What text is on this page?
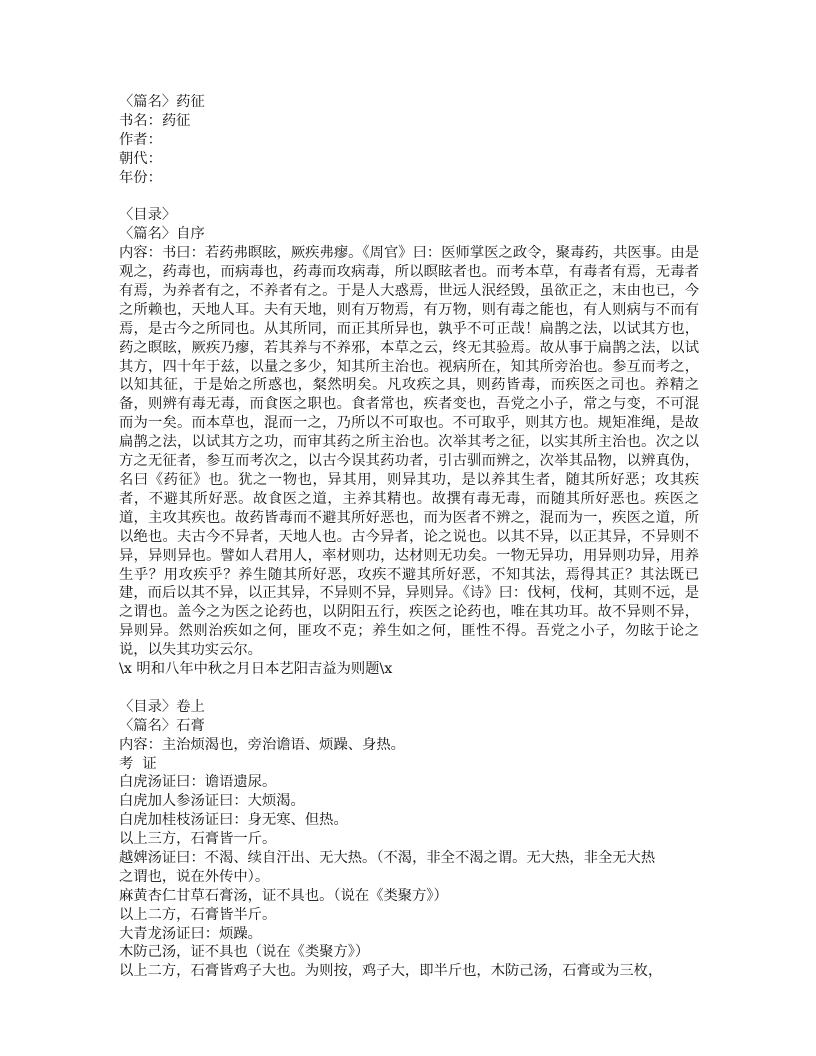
〈篇名〉药征
书名：药征
作者：
朝代：
年份：
〈目录〉
〈篇名〉自序
内容：书曰：若药弗瞑眩，厥疾弗瘳。《周官》曰：医师掌医之政令，聚毒药，共医事。由是观之，药毒也，而病毒也，药毒而攻病毒，所以瞑眩者也。而考本草，有毒者有焉，无毒者有焉，为养者有之，不养者有之。于是人大惑焉，世远人泯经毁，虽欲正之，末由也已，今之所赖也，天地人耳。夫有天地，则有万物焉，有万物，则有毒之能也，有人则病与不而有焉，是古今之所同也。从其所同，而正其所异也，孰乎不可正哉！扁鹊之法，以试其方也，药之瞑眩，厥疾乃瘳，若其养与不养邪，本草之云，终无其验焉。故从事于扁鹊之法，以试其方，四十年于兹，以量之多少，知其所主治也。视病所在，知其所旁治也。参互而考之，以知其征，于是始之所惑也，粲然明矣。凡攻疾之具，则药皆毒，而疾医之司也。养精之备，则辨有毒无毒，而食医之职也。食者常也，疾者变也，吾党之小子，常之与变，不可混而为一矣。而本草也，混而一之，乃所以不可取也。不可取乎，则其方也。规矩准绳，是故扁鹊之法，以试其方之功，而审其药之所主治也。次举其考之征，以实其所主治也。次之以方之无征者，参互而考次之，以古今误其药功者，引古驯而辨之，次举其品物，以辨真伪，名曰《药征》也。犹之一物也，异其用，则异其功，是以养其生者，随其所好恶；攻其疾者，不避其所好恶。故食医之道，主养其精也。故撰有毒无毒，而随其所好恶也。疾医之道，主攻其疾也。故药皆毒而不避其所好恶也，而为医者不辨之，混而为一，疾医之道，所以绝也。夫古今不异者，天地人也。古今异者，论之说也。以其不异，以正其异，不异则不异，异则异也。譬如人君用人，率材则功，达材则无功矣。一物无异功，用异则功异，用养生乎？用攻疾乎？养生随其所好恶，攻疾不避其所好恶，不知其法，焉得其正？其法既已建，而后以其不异，以正其异，不异则不异，异则异。《诗》曰：伐柯，伐柯，其则不远，是之谓也。盖今之为医之论药也，以阴阳五行，疾医之论药也，唯在其功耳。故不异则不异，异则异。然则治疾如之何，匪攻不克；养生如之何，匪性不得。吾党之小子，勿眩于论之说，以失其功实云尔。
\x 明和八年中秋之月日本艺阳吉益为则题\x
〈目录〉卷上
〈篇名〉石膏
内容：主治烦渴也，旁治谵语、烦躁、身热。
考  证
白虎汤证曰：谵语遗尿。
白虎加人参汤证曰：大烦渴。
白虎加桂枝汤证曰：身无寒、但热。
以上三方，石膏皆一斤。
越婢汤证曰：不渴、续自汗出、无大热。（不渴，非全不渴之谓。无大热，非全无大热
之谓也，说在外传中）。
麻黄杏仁甘草石膏汤，证不具也。（说在《类聚方》）
以上二方，石膏皆半斤。
大青龙汤证曰：烦躁。
木防己汤，证不具也（说在《类聚方》）
以上二方，石膏皆鸡子大也。为则按，鸡子大，即半斤也，木防己汤，石膏或为三枚，
